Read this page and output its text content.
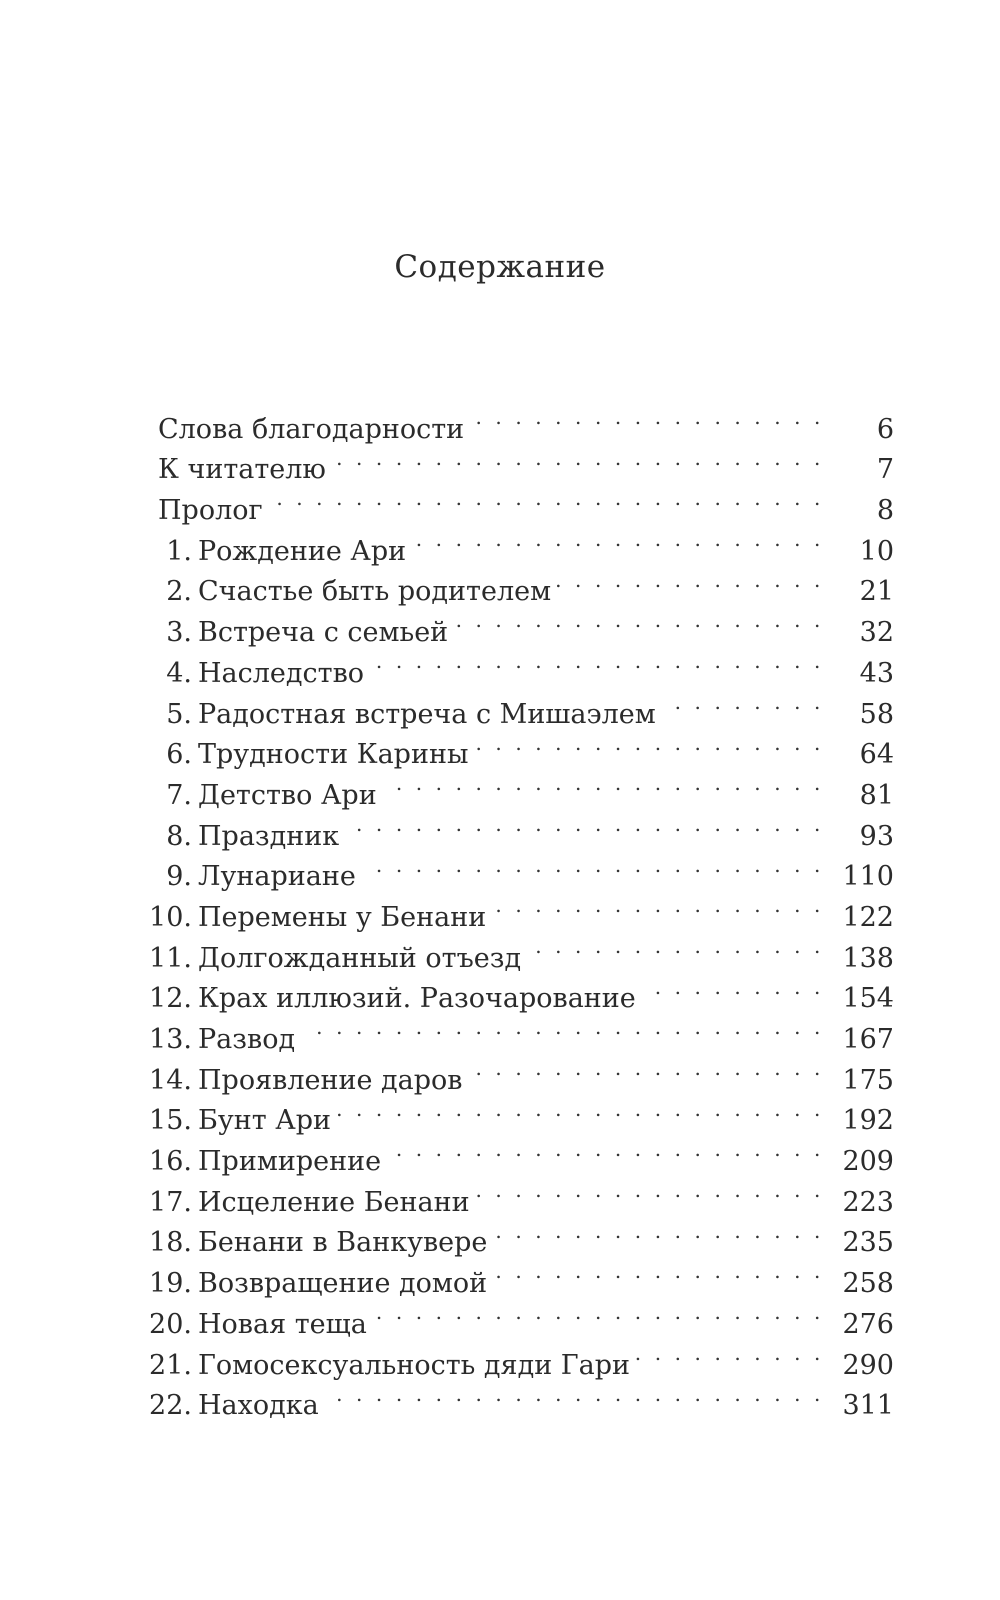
Содержание
Слова благодарности . . .	6
К читателю . . .	7
Пролог . . .	8
1. Рождение Ари . . .	10
2. Счастье быть родителем . . .	21
3. Встреча с семьей . . .	32
4. Наследство . . .	43
5. Радостная встреча с Мишаэлем . . .	58
6. Трудности Карины . . .	64
7. Детство Ари . . .	81
8. Праздник . . .	93
9. Лунариане . . .	110
10. Перемены у Бенани . . .	122
11. Долгожданный отъезд . . .	138
12. Крах иллюзий. Разочарование . . .	154
13. Развод . . .	167
14. Проявление даров . . .	175
15. Бунт Ари . . .	192
16. Примирение . . .	209
17. Исцеление Бенани . . .	223
18. Бенани в Ванкувере . . .	235
19. Возвращение домой . . .	258
20. Новая теща . . .	276
21. Гомосексуальность дяди Гари . . .	290
22. Находка . . .	311
